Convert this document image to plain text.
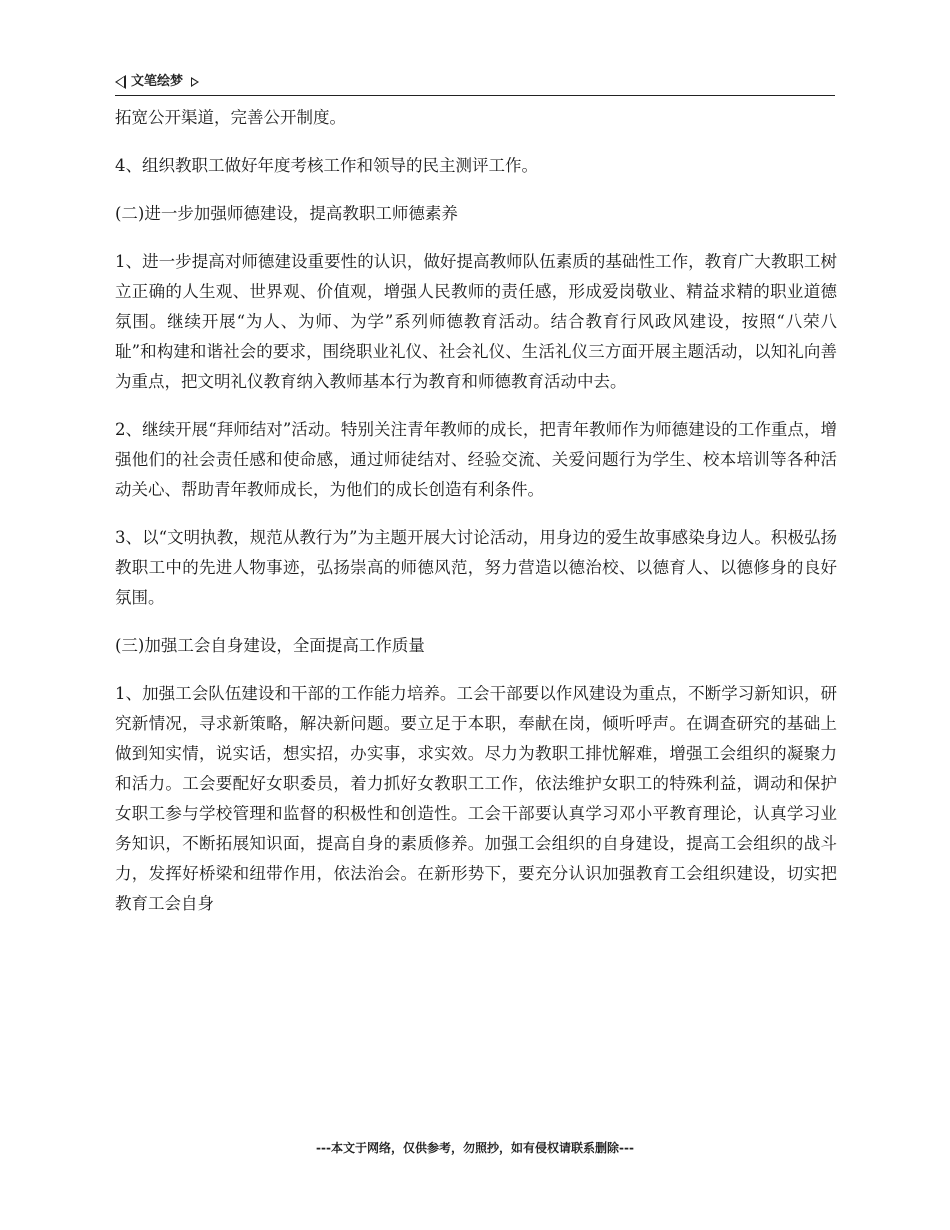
文笔绘梦

拓宽公开渠道，完善公开制度。

4、组织教职工做好年度考核工作和领导的民主测评工作。

(二)进一步加强师德建设，提高教职工师德素养

1、进一步提高对师德建设重要性的认识，做好提高教师队伍素质的基础性工作，教育广大教职工树立正确的人生观、世界观、价值观，增强人民教师的责任感，形成爱岗敬业、精益求精的职业道德氛围。继续开展“为人、为师、为学”系列师德教育活动。结合教育行风政风建设，按照“八荣八耻”和构建和谐社会的要求，围绕职业礼仪、社会礼仪、生活礼仪三方面开展主题活动，以知礼向善为重点，把文明礼仪教育纳入教师基本行为教育和师德教育活动中去。

2、继续开展“拜师结对”活动。特别关注青年教师的成长，把青年教师作为师德建设的工作重点，增强他们的社会责任感和使命感，通过师徒结对、经验交流、关爱问题行为学生、校本培训等各种活动关心、帮助青年教师成长，为他们的成长创造有利条件。

3、以“文明执教，规范从教行为”为主题开展大讨论活动，用身边的爱生故事感染身边人。积极弘扬教职工中的先进人物事迹，弘扬崇高的师德风范，努力营造以德治校、以德育人、以德修身的良好氛围。

(三)加强工会自身建设，全面提高工作质量

1、加强工会队伍建设和干部的工作能力培养。工会干部要以作风建设为重点，不断学习新知识，研究新情况，寻求新策略，解决新问题。要立足于本职，奉献在岗，倾听呼声。在调查研究的基础上做到知实情，说实话，想实招，办实事，求实效。尽力为教职工排忧解难，增强工会组织的凝聚力和活力。工会要配好女职委员，着力抓好女教职工工作，依法维护女职工的特殊利益，调动和保护女职工参与学校管理和监督的积极性和创造性。工会干部要认真学习邓小平教育理论，认真学习业务知识，不断拓展知识面，提高自身的素质修养。加强工会组织的自身建设，提高工会组织的战斗力，发挥好桥梁和纽带作用，依法治会。在新形势下，要充分认识加强教育工会组织建设，切实把教育工会自身

---本文于网络，仅供参考，勿照抄，如有侵权请联系删除---
